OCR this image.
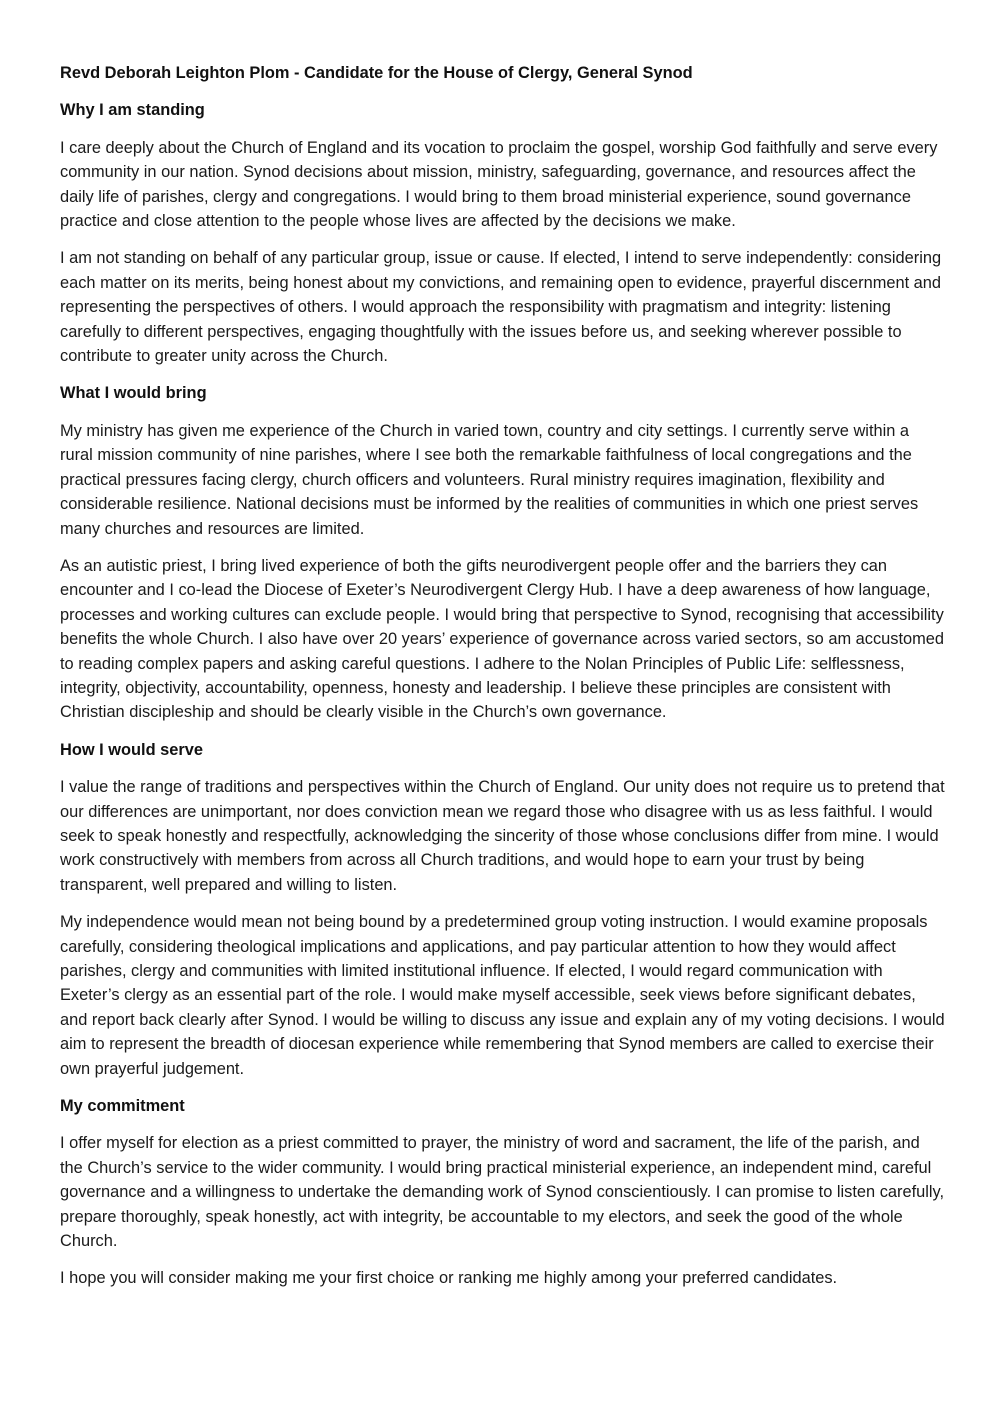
Revd Deborah Leighton Plom - Candidate for the House of Clergy, General Synod
Why I am standing

I care deeply about the Church of England and its vocation to proclaim the gospel, worship God faithfully and serve every community in our nation. Synod decisions about mission, ministry, safeguarding, governance, and resources affect the daily life of parishes, clergy and congregations. I would bring to them broad ministerial experience, sound governance practice and close attention to the people whose lives are affected by the decisions we make.

I am not standing on behalf of any particular group, issue or cause. If elected, I intend to serve independently: considering each matter on its merits, being honest about my convictions, and remaining open to evidence, prayerful discernment and representing the perspectives of others. I would approach the responsibility with pragmatism and integrity: listening carefully to different perspectives, engaging thoughtfully with the issues before us, and seeking wherever possible to contribute to greater unity across the Church.

What I would bring

My ministry has given me experience of the Church in varied town, country and city settings. I currently serve within a rural mission community of nine parishes, where I see both the remarkable faithfulness of local congregations and the practical pressures facing clergy, church officers and volunteers. Rural ministry requires imagination, flexibility and considerable resilience. National decisions must be informed by the realities of communities in which one priest serves many churches and resources are limited.

As an autistic priest, I bring lived experience of both the gifts neurodivergent people offer and the barriers they can encounter and I co-lead the Diocese of Exeter’s Neurodivergent Clergy Hub. I have a deep awareness of how language, processes and working cultures can exclude people. I would bring that perspective to Synod, recognising that accessibility benefits the whole Church. I also have over 20 years’ experience of governance across varied sectors, so am accustomed to reading complex papers and asking careful questions. I adhere to the Nolan Principles of Public Life: selflessness, integrity, objectivity, accountability, openness, honesty and leadership. I believe these principles are consistent with Christian discipleship and should be clearly visible in the Church’s own governance.

How I would serve

I value the range of traditions and perspectives within the Church of England. Our unity does not require us to pretend that our differences are unimportant, nor does conviction mean we regard those who disagree with us as less faithful. I would seek to speak honestly and respectfully, acknowledging the sincerity of those whose conclusions differ from mine. I would work constructively with members from across all Church traditions, and would hope to earn your trust by being transparent, well prepared and willing to listen.

My independence would mean not being bound by a predetermined group voting instruction. I would examine proposals carefully, considering theological implications and applications, and pay particular attention to how they would affect parishes, clergy and communities with limited institutional influence. If elected, I would regard communication with Exeter’s clergy as an essential part of the role. I would make myself accessible, seek views before significant debates, and report back clearly after Synod. I would be willing to discuss any issue and explain any of my voting decisions. I would aim to represent the breadth of diocesan experience while remembering that Synod members are called to exercise their own prayerful judgement.

My commitment

I offer myself for election as a priest committed to prayer, the ministry of word and sacrament, the life of the parish, and the Church’s service to the wider community. I would bring practical ministerial experience, an independent mind, careful governance and a willingness to undertake the demanding work of Synod conscientiously. I can promise to listen carefully, prepare thoroughly, speak honestly, act with integrity, be accountable to my electors, and seek the good of the whole Church.

I hope you will consider making me your first choice or ranking me highly among your preferred candidates.
